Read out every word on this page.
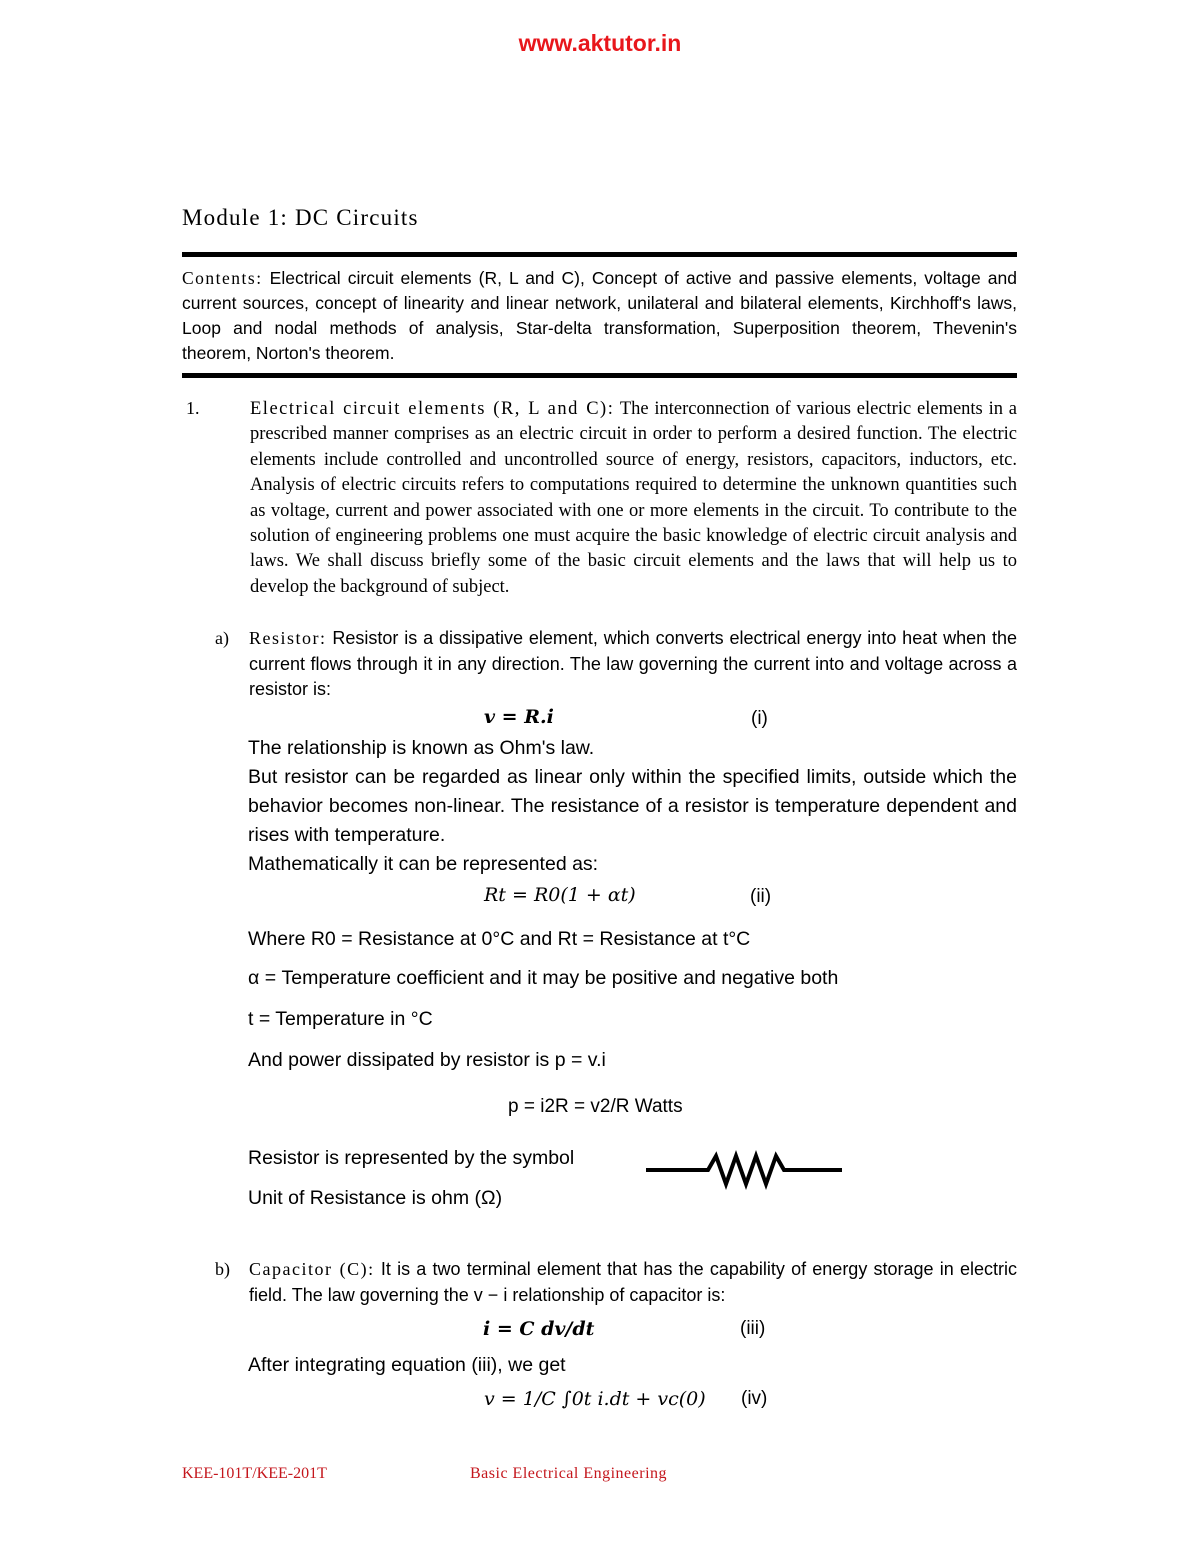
www.aktutor.in
Module 1: DC Circuits
Contents: Electrical circuit elements (R, L and C), Concept of active and passive elements, voltage and current sources, concept of linearity and linear network, unilateral and bilateral elements, Kirchhoff's laws, Loop and nodal methods of analysis, Star-delta transformation, Superposition theorem, Thevenin's theorem, Norton's theorem.
1.	Electrical circuit elements (R, L and C): The interconnection of various electric elements in a prescribed manner comprises as an electric circuit in order to perform a desired function. The electric elements include controlled and uncontrolled source of energy, resistors, capacitors, inductors, etc. Analysis of electric circuits refers to computations required to determine the unknown quantities such as voltage, current and power associated with one or more elements in the circuit. To contribute to the solution of engineering problems one must acquire the basic knowledge of electric circuit analysis and laws. We shall discuss briefly some of the basic circuit elements and the laws that will help us to develop the background of subject.
a) Resistor: Resistor is a dissipative element, which converts electrical energy into heat when the current flows through it in any direction. The law governing the current into and voltage across a resistor is:
v = R.i	(i)
The relationship is known as Ohm's law.
But resistor can be regarded as linear only within the specified limits, outside which the behavior becomes non-linear. The resistance of a resistor is temperature dependent and rises with temperature.
Mathematically it can be represented as:
Rt = R0(1 + αt)	(ii)
Where R0 = Resistance at 0°C and Rt = Resistance at t°C
α = Temperature coefficient and it may be positive and negative both
t = Temperature in °C
And power dissipated by resistor is p = v.i
p = i2R = v2/R Watts
Resistor is represented by the symbol
Unit of Resistance is ohm (Ω)
b) Capacitor (C): It is a two terminal element that has the capability of energy storage in electric field. The law governing the v − i relationship of capacitor is:
i = C dv/dt	(iii)
After integrating equation (iii), we get
v = 1/C ∫0t i.dt + vc(0) (iv)
KEE-101T/KEE-201T	Basic Electrical Engineering
